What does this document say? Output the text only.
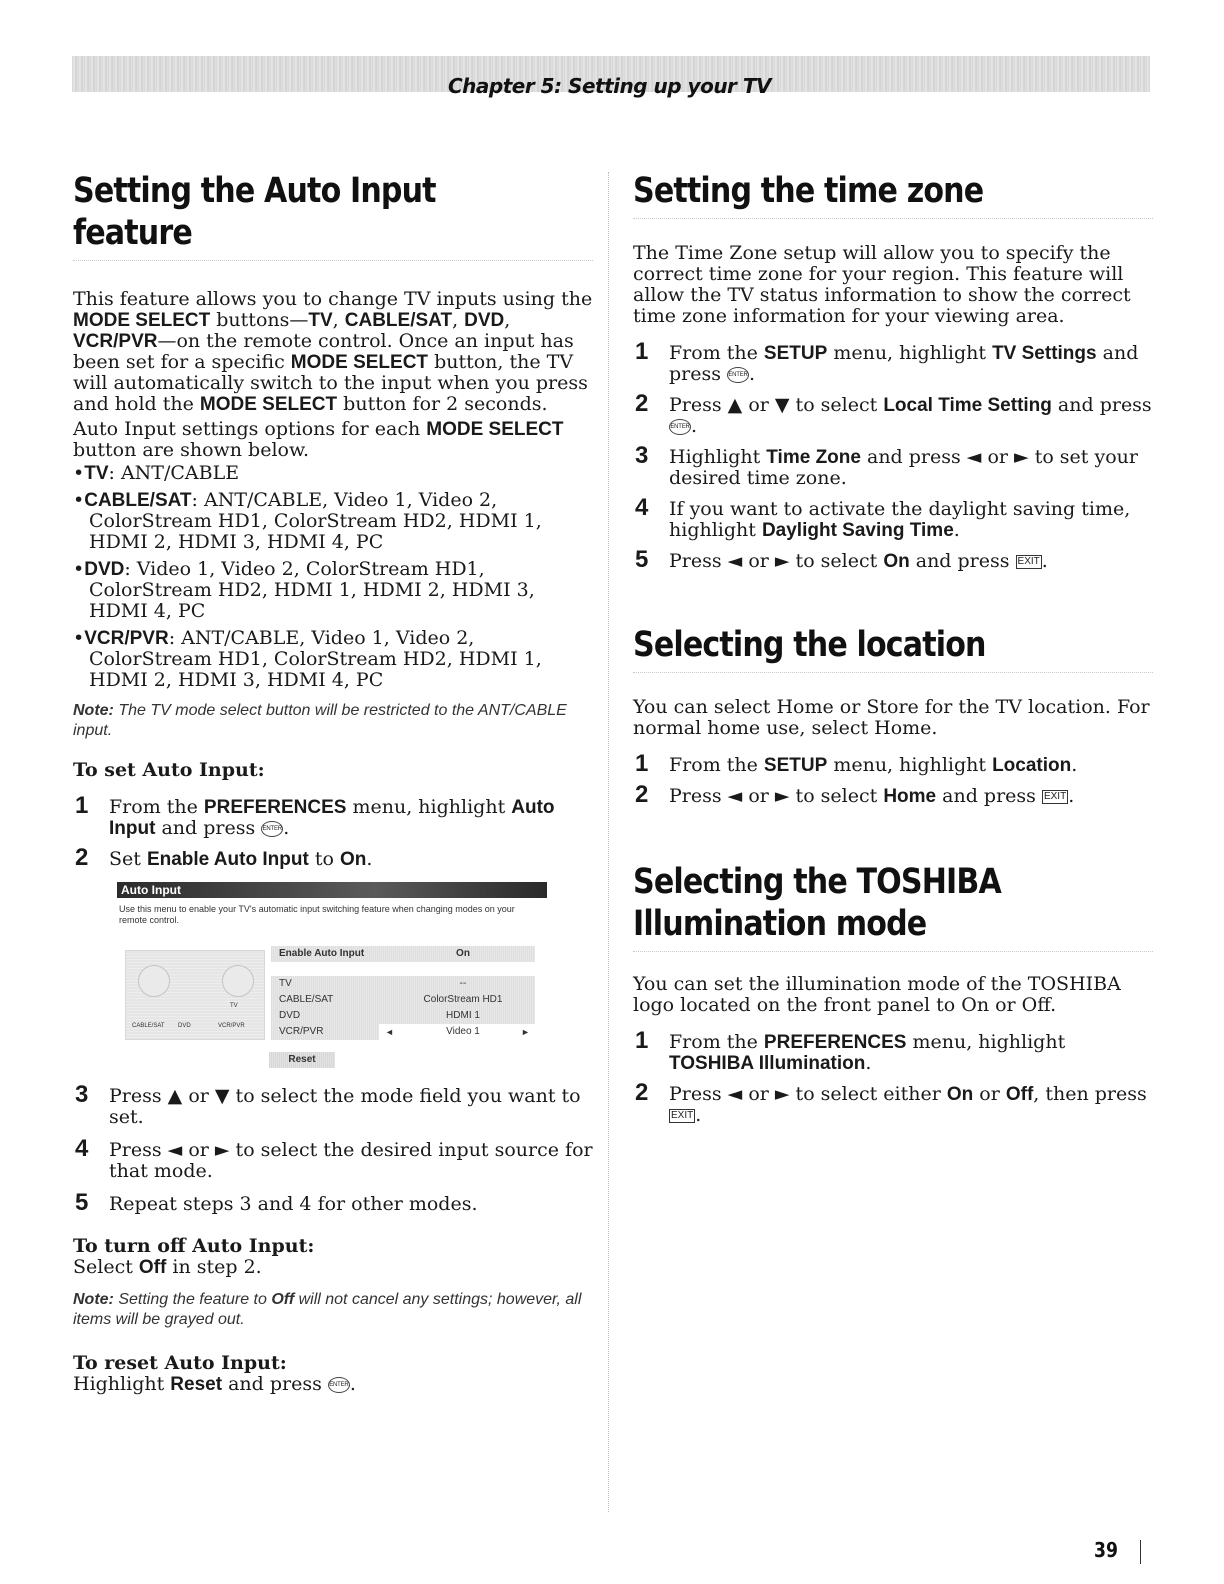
Chapter 5: Setting up your TV
Setting the Auto Input feature

This feature allows you to change TV inputs using the MODE SELECT buttons—TV, CABLE/SAT, DVD, VCR/PVR—on the remote control. Once an input has been set for a specific MODE SELECT button, the TV will automatically switch to the input when you press and hold the MODE SELECT button for 2 seconds.

Auto Input settings options for each MODE SELECT button are shown below.

•TV: ANT/CABLE
•CABLE/SAT: ANT/CABLE, Video 1, Video 2, ColorStream HD1, ColorStream HD2, HDMI 1, HDMI 2, HDMI 3, HDMI 4, PC
•DVD: Video 1, Video 2, ColorStream HD1, ColorStream HD2, HDMI 1, HDMI 2, HDMI 3, HDMI 4, PC
•VCR/PVR: ANT/CABLE, Video 1, Video 2, ColorStream HD1, ColorStream HD2, HDMI 1, HDMI 2, HDMI 3, HDMI 4, PC

Note: The TV mode select button will be restricted to the ANT/CABLE input.

To set Auto Input:

1 From the PREFERENCES menu, highlight Auto Input and press ENTER.
2 Set Enable Auto Input to On.
Auto Input
Use this menu to enable your TV's automatic input switching feature when changing modes on your remote control.
TV
CABLE/SAT DVD	VCR/PVR
Enable Auto Input	On
TV	--
CABLE/SAT	ColorStream HD1
DVD	HDMI 1
VCR/PVR	◄	Video 1	►
Reset
3 Press ▲ or ▼ to select the mode field you want to set.
4 Press ◄ or ► to select the desired input source for that mode.
5 Repeat steps 3 and 4 for other modes.

To turn off Auto Input:

Select Off in step 2.

Note: Setting the feature to Off will not cancel any settings; however, all items will be grayed out.

To reset Auto Input:

Highlight Reset and press ENTER.

Setting the time zone

The Time Zone setup will allow you to specify the correct time zone for your region. This feature will allow the TV status information to show the correct time zone information for your viewing area.

1 From the SETUP menu, highlight TV Settings and press ENTER.
2 Press ▲ or ▼ to select Local Time Setting and press ENTER.
3 Highlight Time Zone and press ◄ or ► to set your desired time zone.
4 If you want to activate the daylight saving time, highlight Daylight Saving Time.
5 Press ◄ or ► to select On and press EXIT .
Selecting the location

You can select Home or Store for the TV location. For normal home use, select Home.

1 From the SETUP menu, highlight Location.
2 Press ◄ or ► to select Home and press EXIT .
Selecting the TOSHIBA
Illumination mode

You can set the illumination mode of the TOSHIBA logo located on the front panel to On or Off.

1 From the PREFERENCES menu, highlight TOSHIBA Illumination.
2 Press ◄ or ► to select either On or Off, then press EXIT .
39
